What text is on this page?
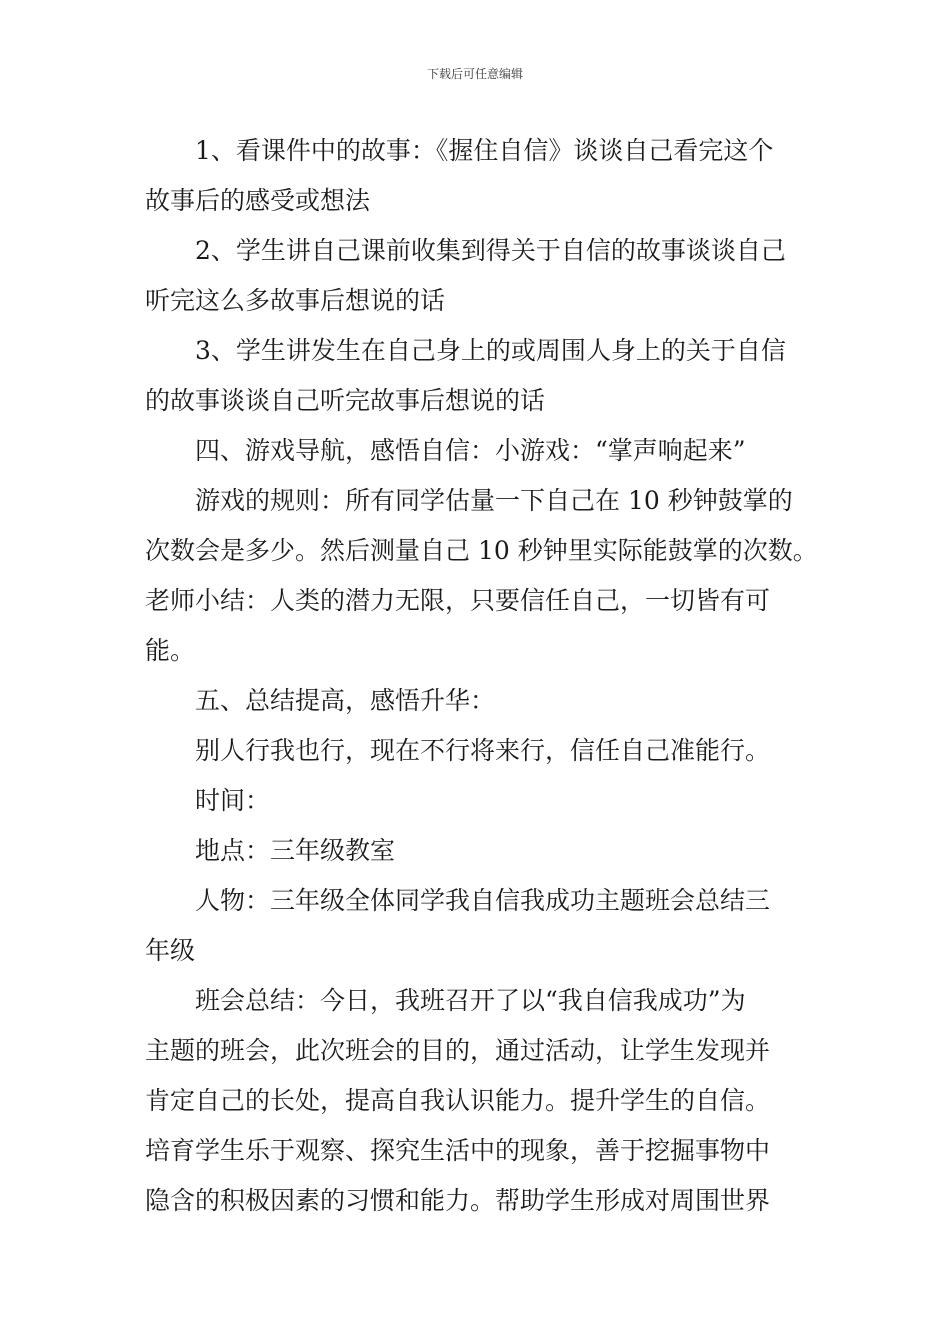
下载后可任意编辑
1、看课件中的故事：《握住自信》谈谈自己看完这个
故事后的感受或想法
2、学生讲自己课前收集到得关于自信的故事谈谈自己
听完这么多故事后想说的话
3、学生讲发生在自己身上的或周围人身上的关于自信
的故事谈谈自己听完故事后想说的话
四、游戏导航，感悟自信：小游戏：“掌声响起来”
游戏的规则：所有同学估量一下自己在 10 秒钟鼓掌的
次数会是多少。然后测量自己 10 秒钟里实际能鼓掌的次数。
老师小结：人类的潜力无限，只要信任自己，一切皆有可
能。
五、总结提高，感悟升华：
别人行我也行，现在不行将来行，信任自己准能行。
时间：
地点：三年级教室
人物：三年级全体同学我自信我成功主题班会总结三
年级
班会总结：今日，我班召开了以“我自信我成功”为
主题的班会，此次班会的目的，通过活动，让学生发现并
肯定自己的长处，提高自我认识能力。提升学生的自信。
培育学生乐于观察、探究生活中的现象，善于挖掘事物中
隐含的积极因素的习惯和能力。帮助学生形成对周围世界
